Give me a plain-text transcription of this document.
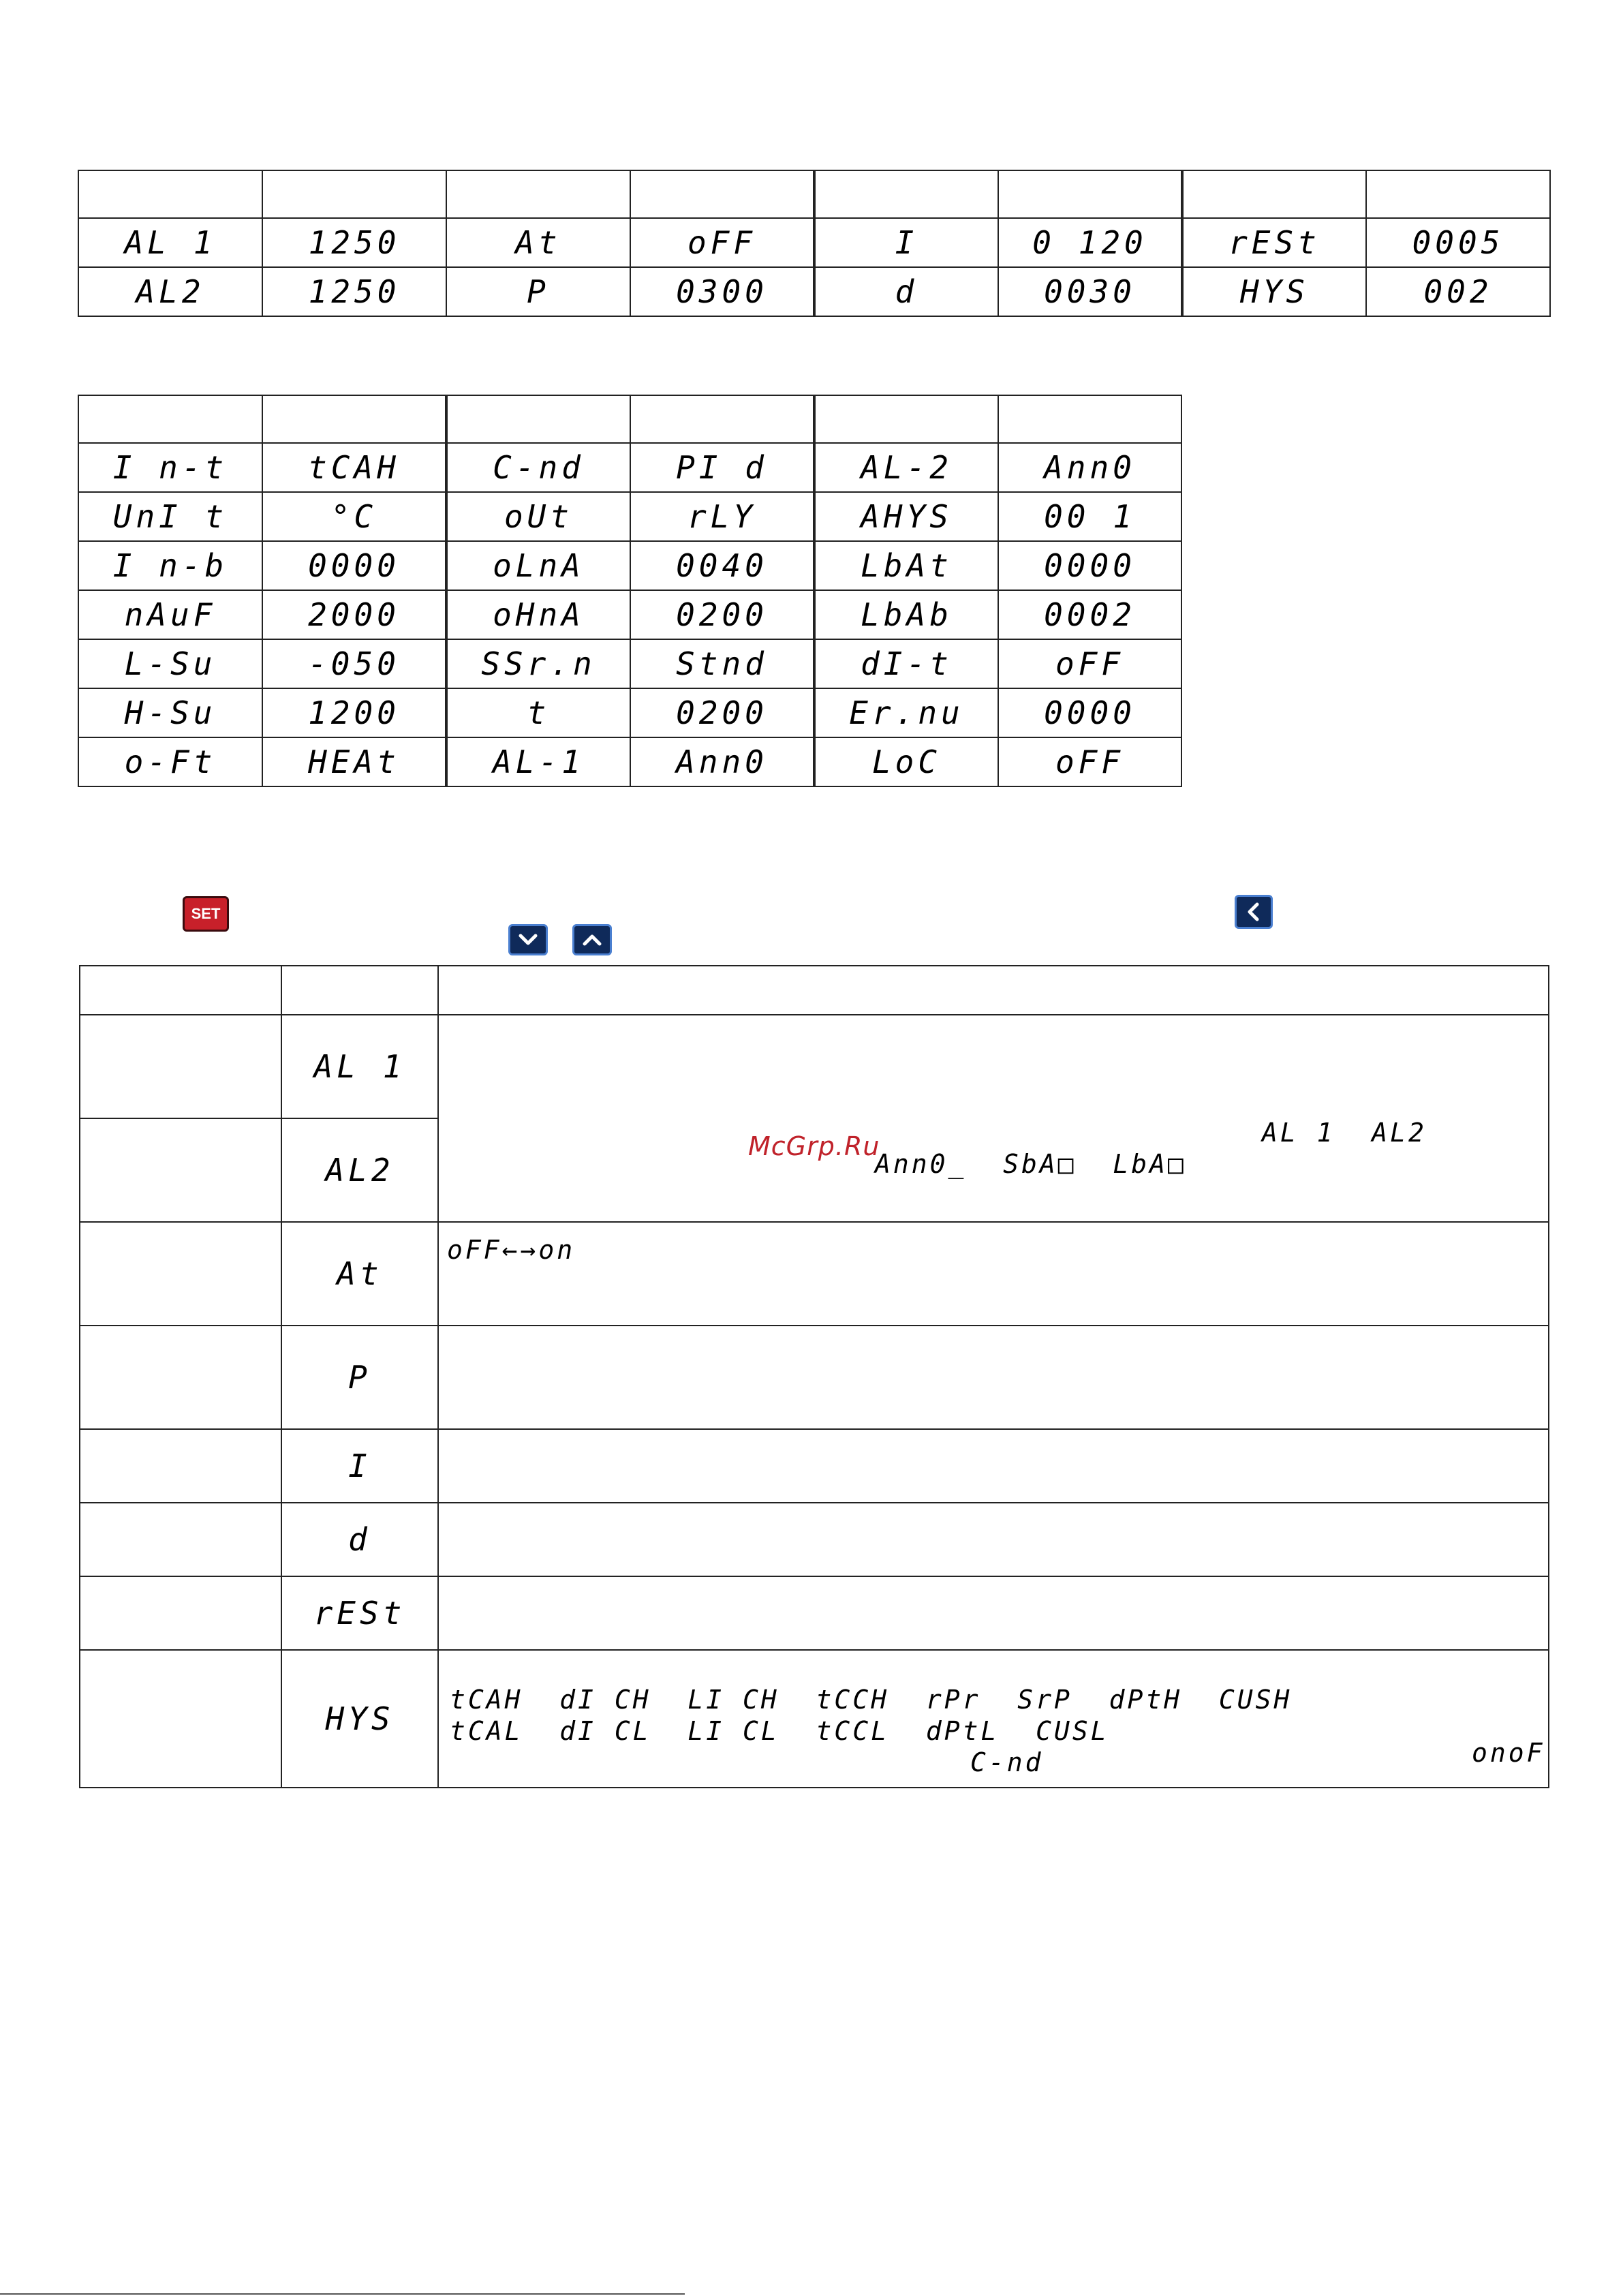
AL 1	1250	At	oFF	I	0 120	rESt	0005
AL2	1250	P	0300	d	0030	HYS	002

I n-t	tCAH	C-nd	PI d	AL-2	Ann0
UnI t	°C	oUt	rLY	AHYS	00 1
I n-b	0000	oLnA	0040	LbAt	0000
nAuF	2000	oHnA	0200	LbAb	0002
L-Su	-050	SSr.n	Stnd	dI-t	oFF
H-Su	1200	t	0200	Er.nu	0000
o-Ft	HEAt	AL-1	Ann0	LoC	oFF
SET

	AL 1	AL 1  AL2
Ann0_  SbA□  LbA□

	AL2	
	At	oFF←→on

	P	
	I	
	d	
	rESt	
	HYS	tCAH  dI CH  LI CH  tCCH  rPr  SrP  dPtH  CUSH
tCAL  dI CL  LI CL  tCCL  dPtL  CUSL
C-nd onoF
McGrp.Ru
